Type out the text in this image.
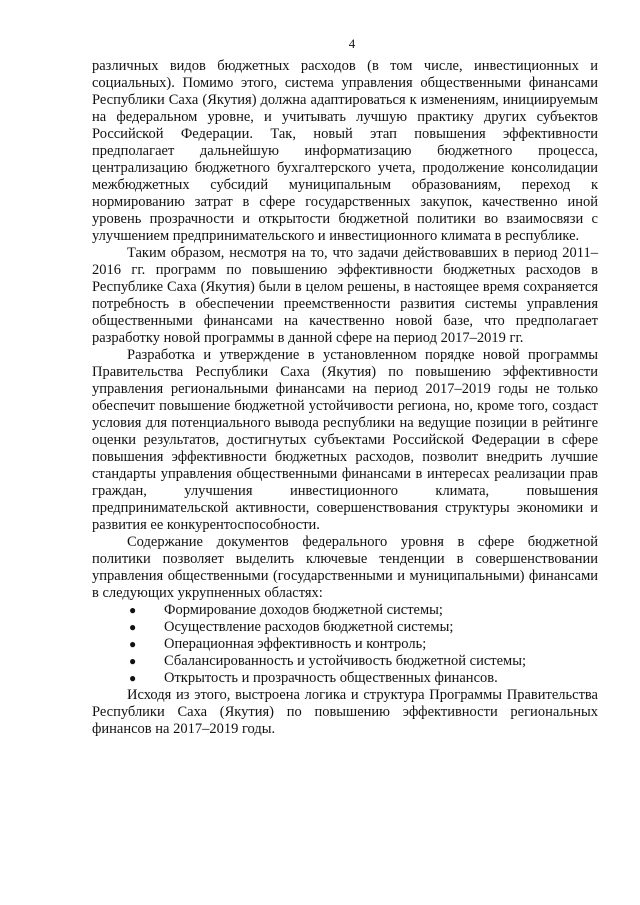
4

различных видов бюджетных расходов (в том числе, инвестиционных и социальных). Помимо этого, система управления общественными финансами Республики Саха (Якутия) должна адаптироваться к изменениям, инициируемым на федеральном уровне, и учитывать лучшую практику других субъектов Российской Федерации. Так, новый этап повышения эффективности предполагает дальнейшую информатизацию бюджетного процесса, централизацию бюджетного бухгалтерского учета, продолжение консолидации межбюджетных субсидий муниципальным образованиям, переход к нормированию затрат в сфере государственных закупок, качественно иной уровень прозрачности и открытости бюджетной политики во взаимосвязи с улучшением предпринимательского и инвестиционного климата в республике.

Таким образом, несмотря на то, что задачи действовавших в период 2011–2016 гг. программ по повышению эффективности бюджетных расходов в Республике Саха (Якутия) были в целом решены, в настоящее время сохраняется потребность в обеспечении преемственности развития системы управления общественными финансами на качественно новой базе, что предполагает разработку новой программы в данной сфере на период 2017–2019 гг.

Разработка и утверждение в установленном порядке новой программы Правительства Республики Саха (Якутия) по повышению эффективности управления региональными финансами на период 2017–2019 годы не только обеспечит повышение бюджетной устойчивости региона, но, кроме того, создаст условия для потенциального вывода республики на ведущие позиции в рейтинге оценки результатов, достигнутых субъектами Российской Федерации в сфере повышения эффективности бюджетных расходов, позволит внедрить лучшие стандарты управления общественными финансами в интересах реализации прав граждан, улучшения инвестиционного климата, повышения предпринимательской активности, совершенствования структуры экономики и развития ее конкурентоспособности.

Содержание документов федерального уровня в сфере бюджетной политики позволяет выделить ключевые тенденции в совершенствовании управления общественными (государственными и муниципальными) финансами в следующих укрупненных областях:

● Формирование доходов бюджетной системы;
● Осуществление расходов бюджетной системы;
● Операционная эффективность и контроль;
● Сбалансированность и устойчивость бюджетной системы;
● Открытость и прозрачность общественных финансов.

Исходя из этого, выстроена логика и структура Программы Правительства Республики Саха (Якутия) по повышению эффективности региональных финансов на 2017–2019 годы.
